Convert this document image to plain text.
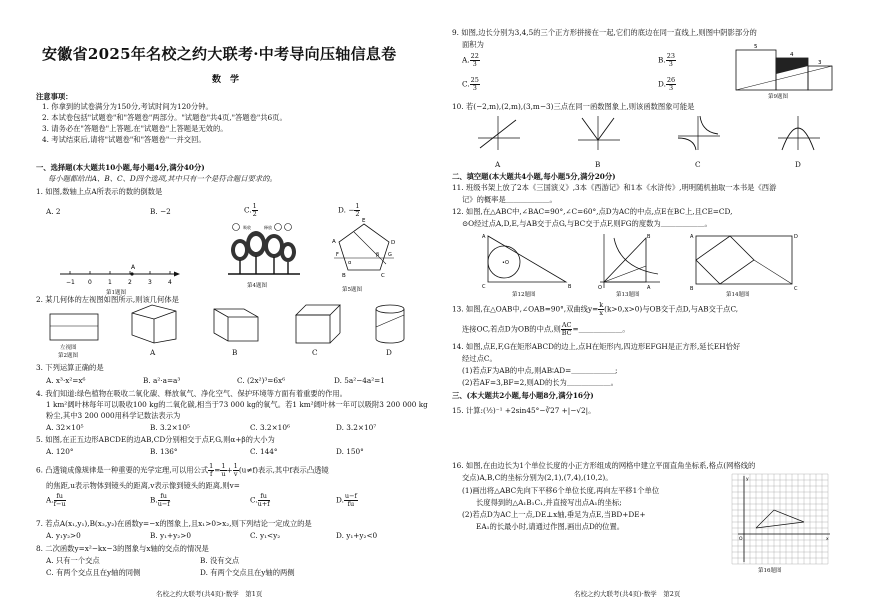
安徽省2025年名校之约大联考·中考导向压轴信息卷
数　学
注意事项：
1. 你拿到的试卷满分为150分,考试时间为120分钟。
2. 本试卷包括"试题卷"和"答题卷"两部分。"试题卷"共4页,"答题卷"共6页。
3. 请务必在"答题卷"上答题,在"试题卷"上答题是无效的。
4. 考试结束后,请将"试题卷"和"答题卷"一并交回。
一、选择题(本大题共10小题,每小题4分,满分40分)
每小题都给出A、B、C、D四个选项,其中只有一个是符合题目要求的。
1. 如图,数轴上点A所表示的数的倒数是
A. 2	B. −2	C. $\frac{1}{2}$	D. − $\frac{1}{2}$
A
−1 0	1	2	3	4
第1题图
吸收	释放
第4题图
E
D
C
B
A
F	G
α
β
第5题图
2. 某几何体的左视图如图所示,则该几何体是
左视图
第2题图	A	B	C	D
3. 下列运算正确的是
A. x³·x²=x⁶	B. a²·a=a³	C. (2x²)³=6x⁶	D. 5a²−4a²=1
4. 我们知道:绿色植物在吸收二氧化碳、释放氧气、净化空气、保护环境等方面有着重要的作用。
1 km²阔叶林每年可以吸收100 kg的二氧化碳,相当于73 000 kg的氧气。若1 km²阔叶林一年可以吸附3 200 000 kg
粉尘,其中3 200 000用科学记数法表示为
A. 32×10⁵	B. 3.2×10⁵	C. 3.2×10⁶	D. 3.2×10⁷
5. 如图,在正五边形ABCDE的边AB,CD分别相交于点F,G,则α+β的大小为
A. 120°	B. 136°	C. 144°	D. 150°
6. 凸透镜成像规律是一种重要的光学定理,可以用公式 $\frac{1}{f} = \frac{1}{u} + \frac{1}{v} (u\ne f)$表示,其中f表示凸透镜
的焦距,u表示物体到镜头的距离,v表示像到镜头的距离,则v=
A. $\frac{fu}{f-u}$	B. $\frac{fu}{u-f}$	C. $\frac{fu}{u+f}$	D. $\frac{u-f}{fu}$
7. 若点A(x₁,y₁),B(x₂,y₂)在函数y=−x的图象上,且x₁>0>x₂,则下列结论一定成立的是
A. y₁y₂>0	B. y₁+y₂>0	C. y₁<y₂	D. y₁+y₂<0
8. 二次函数y=x²−kx−3的图象与x轴的交点的情况是
A. 只有一个交点	B. 没有交点
C. 有两个交点且在y轴的同侧	D. 有两个交点且在y轴的两侧
名校之约大联考(共4页)·数学　第1页
9. 如图,边长分别为3,4,5的三个正方形拼接在一起,它们的底边在同一直线上,则图中阴影部分的
面积为
A. $\frac{22}{3}$	B. $\frac{23}{3}$
C. $\frac{25}{3}$	D. $\frac{26}{3}$
5
4
3
第9题图
10. 若(−2,m),(2,m),(3,m−3)三点在同一函数图象上,则该函数图象可能是
A	B	C	D
二、填空题(本大题共4小题,每小题5分,满分20分)
11. 班级书架上放了2本《三国演义》,3本《西游记》和1本《水浒传》,明明随机抽取一本书是《西游
记》的概率是＿＿＿＿＿＿。
12. 如图,在△ABC中,∠BAC=90°,∠C=60°,点D为AC的中点,点E在BC上,且CE=CD,
⊙O经过点A,D,E,与AB交于点G,与BC交于点F,则FG的度数为＿＿＿＿＿＿。
•O
A
B
C
第12题图
O	A
B
第13题图
A	D
B	C
第14题图
13. 如图,在△OAB中,∠OAB=90°,双曲线$y= \frac{k}{x} (k>0,x>0)$与OB交于点D,与AB交于点C,
连接OC,若点D为OB的中点,则 $\frac{AC}{BC}$ =＿＿＿＿＿＿。
14. 如图,点E,F,G在矩形ABCD的边上,点H在矩形内,四边形EFGH是正方形,延长EH恰好
经过点C。
(1)若点F为AB的中点,则AB∶AD=＿＿＿＿＿＿;
(2)若AF=3,BF=2,则AD的长为＿＿＿＿＿＿。
三、(本大题共2小题,每小题8分,满分16分)
15. 计算:(½)⁻¹ +2sin45°−∛27 +|−√2|。
16. 如图,在由边长为1个单位长度的小正方形组成的网格中建立平面直角坐标系,格点(网格线的
交点)A,B,C的坐标分别为(2,1),(7,4),(10,2)。
(1)画出将△ABC先向下平移6个单位长度,再向左平移1个单位
长度得到的△A₁B₁C₁,并直接写出点A₁的坐标;
(2)若点D为AC上一点,DE⊥x轴,垂足为点E,当BD+DE+
EA₁的长最小时,请通过作图,画出点D的位置。
O	x
y
第16题图
名校之约大联考(共4页)·数学　第2页
